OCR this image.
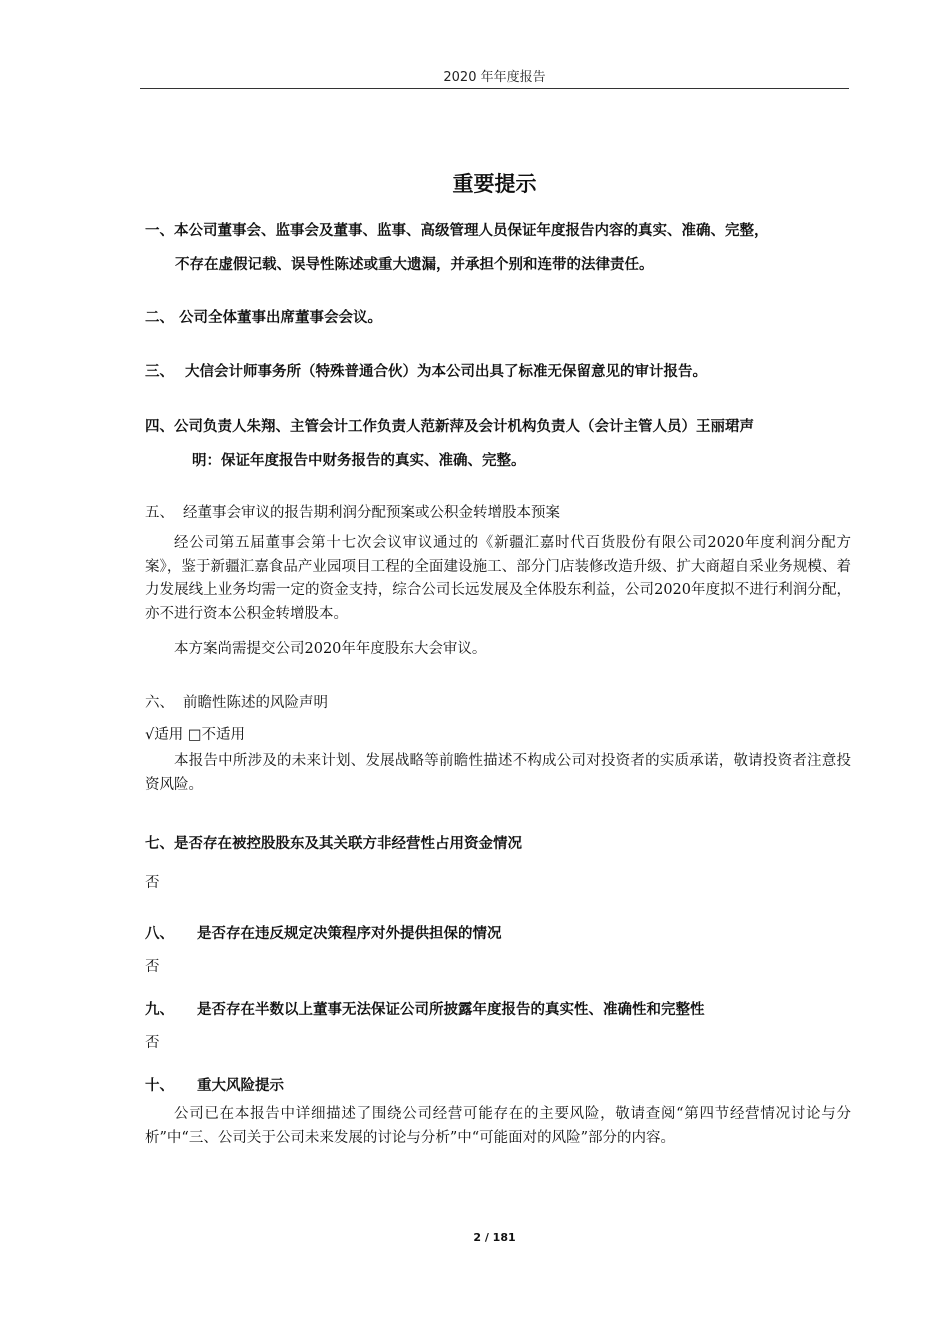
2020 年年度报告
重要提示
一、本公司董事会、监事会及董事、监事、高级管理人员保证年度报告内容的真实、准确、完整，
不存在虚假记载、误导性陈述或重大遗漏，并承担个别和连带的法律责任。
二、 公司全体董事出席董事会会议。
三、 大信会计师事务所（特殊普通合伙）为本公司出具了标准无保留意见的审计报告。
四、公司负责人朱翔、主管会计工作负责人范新萍及会计机构负责人（会计主管人员）王丽珺声
明：保证年度报告中财务报告的真实、准确、完整。
五、 经董事会审议的报告期利润分配预案或公积金转增股本预案
经公司第五届董事会第十七次会议审议通过的《新疆汇嘉时代百货股份有限公司2020年度利润分配方案》，鉴于新疆汇嘉食品产业园项目工程的全面建设施工、部分门店装修改造升级、扩大商超自采业务规模、着力发展线上业务均需一定的资金支持，综合公司长远发展及全体股东利益，公司2020年度拟不进行利润分配，亦不进行资本公积金转增股本。
本方案尚需提交公司2020年年度股东大会审议。
六、 前瞻性陈述的风险声明
√适用 □不适用
本报告中所涉及的未来计划、发展战略等前瞻性描述不构成公司对投资者的实质承诺，敬请投资者注意投资风险。
七、是否存在被控股股东及其关联方非经营性占用资金情况
否
八、 是否存在违反规定决策程序对外提供担保的情况
否
九、 是否存在半数以上董事无法保证公司所披露年度报告的真实性、准确性和完整性
否
十、 重大风险提示
公司已在本报告中详细描述了围绕公司经营可能存在的主要风险，敬请查阅“第四节经营情况讨论与分析”中“三、公司关于公司未来发展的讨论与分析”中“可能面对的风险”部分的内容。
2 / 181
